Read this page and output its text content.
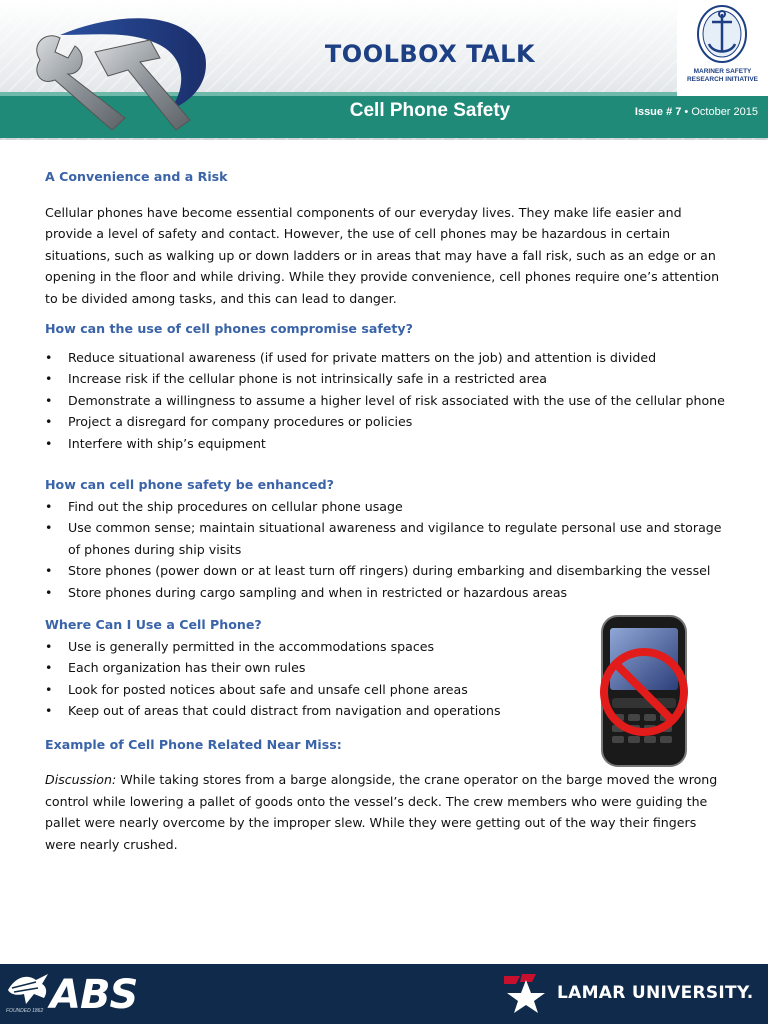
TOOLBOX TALK
Cell Phone Safety	Issue # 7 • October 2015
MARINER SAFETY RESEARCH INITIATIVE
A Convenience and a Risk

Cellular phones have become essential components of our everyday lives. They make life easier and provide a level of safety and contact. However, the use of cell phones may be hazardous in certain situations, such as walking up or down ladders or in areas that may have a fall risk, such as an edge or an opening in the floor and while driving. While they provide convenience, cell phones require one’s attention to be divided among tasks, and this can lead to danger.

How can the use of cell phones compromise safety?
• Reduce situational awareness (if used for private matters on the job) and attention is divided
• Increase risk if the cellular phone is not intrinsically safe in a restricted area
• Demonstrate a willingness to assume a higher level of risk associated with the use of the cellular phone
• Project a disregard for company procedures or policies
• Interfere with ship’s equipment
How can cell phone safety be enhanced?
• Find out the ship procedures on cellular phone usage
• Use common sense; maintain situational awareness and vigilance to regulate personal use and storage of phones during ship visits
• Store phones (power down or at least turn off ringers) during embarking and disembarking the vessel
• Store phones during cargo sampling and when in restricted or hazardous areas
Where Can I Use a Cell Phone?
• Use is generally permitted in the accommodations spaces
• Each organization has their own rules
• Look for posted notices about safe and unsafe cell phone areas
• Keep out of areas that could distract from navigation and operations
Example of Cell Phone Related Near Miss:

Discussion: While taking stores from a barge alongside, the crane operator on the barge moved the wrong control while lowering a pallet of goods onto the vessel’s deck. The crew members who were guiding the pallet were nearly overcome by the improper slew. While they were getting out of the way their fingers were nearly crushed.

ABS
FOUNDED 1862
LAMAR UNIVERSITY.
